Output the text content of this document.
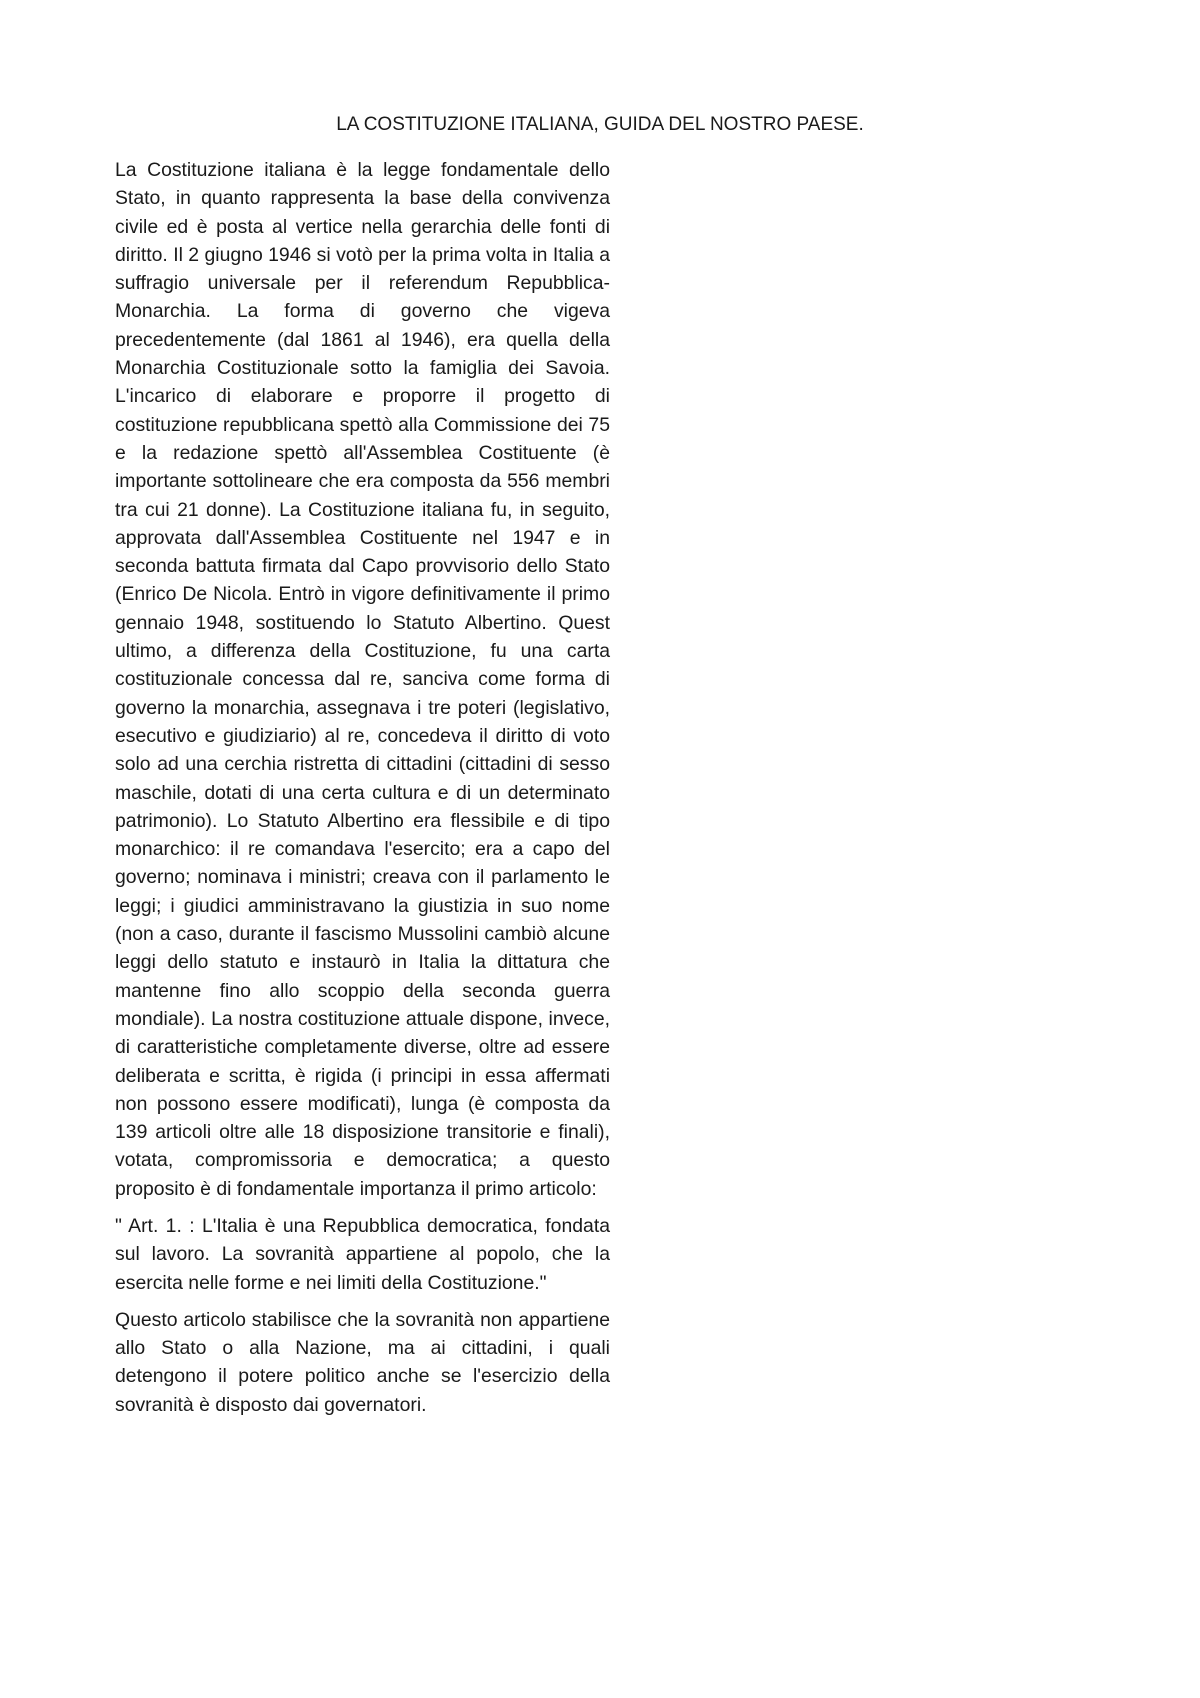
LA COSTITUZIONE ITALIANA, GUIDA DEL NOSTRO PAESE.

La Costituzione italiana è la legge fondamentale dello Stato, in quanto rappresenta la base della convivenza civile ed è posta al vertice nella gerarchia delle fonti di diritto. Il 2 giugno 1946 si votò per la prima volta in Italia a suffragio universale per il referendum Repubblica-Monarchia. La forma di governo che vigeva precedentemente (dal 1861 al 1946), era quella della Monarchia Costituzionale sotto la famiglia dei Savoia. L'incarico di elaborare e proporre il progetto di costituzione repubblicana spettò alla Commissione dei 75 e la redazione spettò all'Assemblea Costituente (è importante sottolineare che era composta da 556 membri tra cui 21 donne). La Costituzione italiana fu, in seguito, approvata dall'Assemblea Costituente nel 1947 e in seconda battuta firmata dal Capo provvisorio dello Stato (Enrico De Nicola. Entrò in vigore definitivamente il primo gennaio 1948, sostituendo lo Statuto Albertino. Quest ultimo, a differenza della Costituzione, fu una carta costituzionale concessa dal re, sanciva come forma di governo la monarchia, assegnava i tre poteri (legislativo, esecutivo e giudiziario) al re, concedeva il diritto di voto solo ad una cerchia ristretta di cittadini (cittadini di sesso maschile, dotati di una certa cultura e di un determinato patrimonio). Lo Statuto Albertino era flessibile e di tipo monarchico: il re comandava l'esercito; era a capo del governo; nominava i ministri; creava con il parlamento le leggi; i giudici amministravano la giustizia in suo nome (non a caso, durante il fascismo Mussolini cambiò alcune leggi dello statuto e instaurò in Italia la dittatura che mantenne fino allo scoppio della seconda guerra mondiale). La nostra costituzione attuale dispone, invece, di caratteristiche completamente diverse, oltre ad essere deliberata e scritta, è rigida (i principi in essa affermati non possono essere modificati), lunga (è composta da 139 articoli oltre alle 18 disposizione transitorie e finali), votata, compromissoria e democratica; a questo proposito è di fondamentale importanza il primo articolo:

" Art. 1. : L'Italia è una Repubblica democratica, fondata sul lavoro. La sovranità appartiene al popolo, che la esercita nelle forme e nei limiti della Costituzione."

Questo articolo stabilisce che la sovranità non appartiene allo Stato o alla Nazione, ma ai cittadini, i quali detengono il potere politico anche se l'esercizio della sovranità è disposto dai governatori.
